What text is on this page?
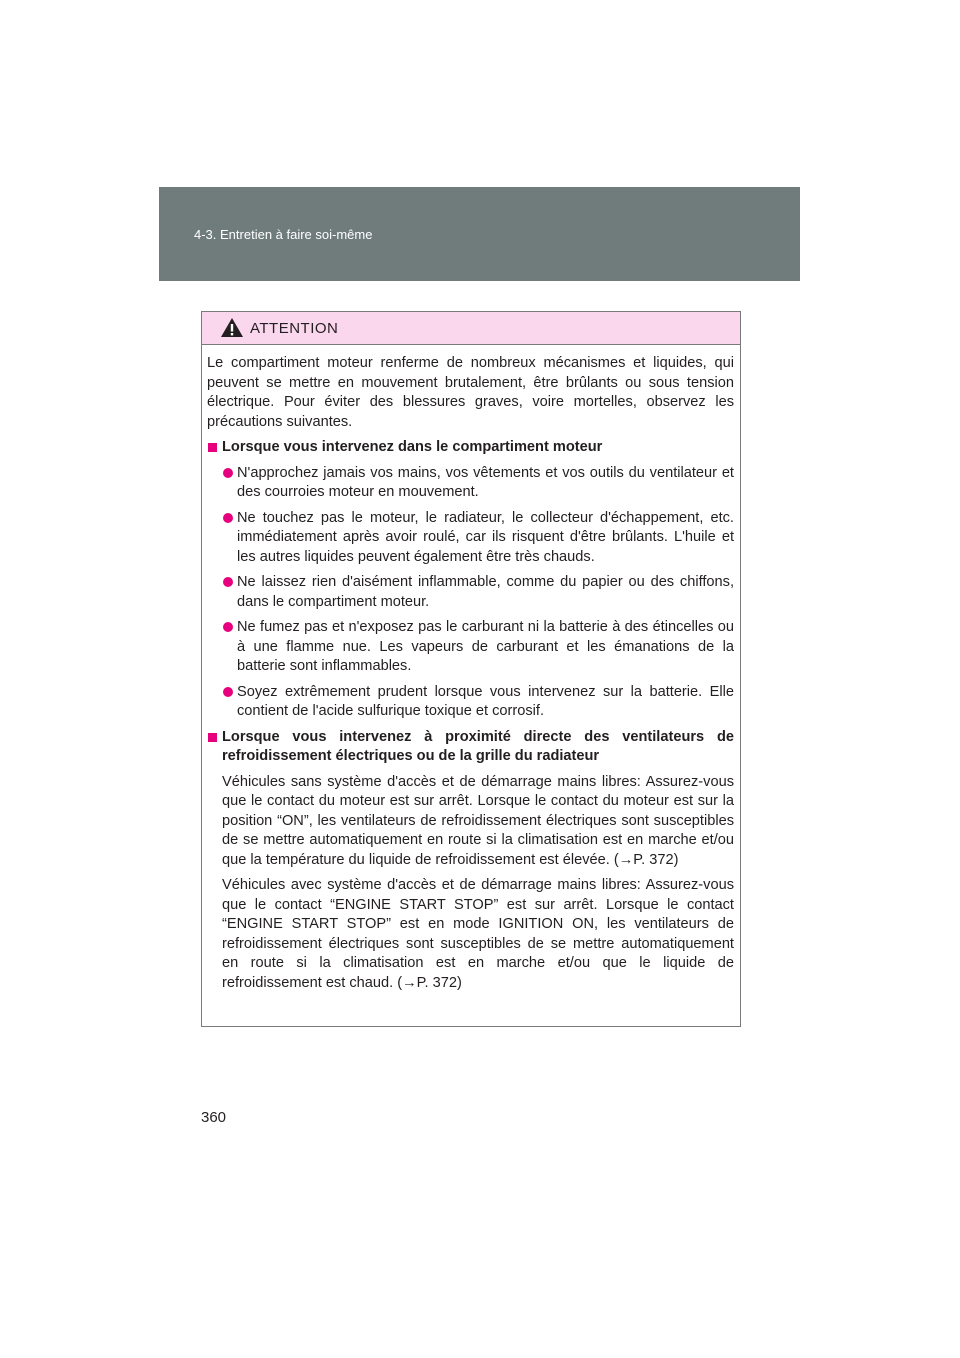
4-3. Entretien à faire soi-même
ATTENTION

Le compartiment moteur renferme de nombreux mécanismes et liquides, qui peuvent se mettre en mouvement brutalement, être brûlants ou sous tension électrique. Pour éviter des blessures graves, voire mortelles, observez les précautions suivantes.

Lorsque vous intervenez dans le compartiment moteur
N'approchez jamais vos mains, vos vêtements et vos outils du ventilateur et des courroies moteur en mouvement.
Ne touchez pas le moteur, le radiateur, le collecteur d'échappement, etc. immédiatement après avoir roulé, car ils risquent d'être brûlants. L'huile et les autres liquides peuvent également être très chauds.
Ne laissez rien d'aisément inflammable, comme du papier ou des chiffons, dans le compartiment moteur.
Ne fumez pas et n'exposez pas le carburant ni la batterie à des étincelles ou à une flamme nue. Les vapeurs de carburant et les émanations de la batterie sont inflammables.
Soyez extrêmement prudent lorsque vous intervenez sur la batterie. Elle contient de l'acide sulfurique toxique et corrosif.
Lorsque vous intervenez à proximité directe des ventilateurs de refroidissement électriques ou de la grille du radiateur

Véhicules sans système d'accès et de démarrage mains libres: Assurez-vous que le contact du moteur est sur arrêt. Lorsque le contact du moteur est sur la position “ON”, les ventilateurs de refroidissement électriques sont susceptibles de se mettre automatiquement en route si la climatisation est en marche et/ou que la température du liquide de refroidissement est élevée. (→P. 372)

Véhicules avec système d'accès et de démarrage mains libres: Assurez-vous que le contact “ENGINE START STOP” est sur arrêt. Lorsque le contact “ENGINE START STOP” est en mode IGNITION ON, les ventilateurs de refroidissement électriques sont susceptibles de se mettre automatiquement en route si la climatisation est en marche et/ou que le liquide de refroidissement est chaud. (→P. 372)

360
